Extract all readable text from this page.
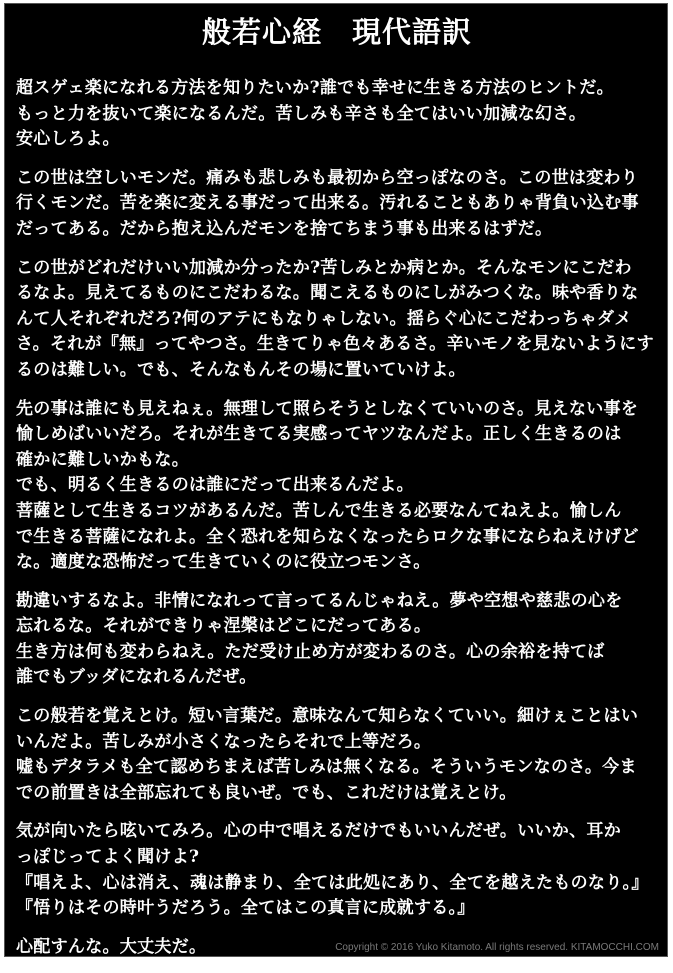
般若心経　現代語訳
超スゲェ楽になれる方法を知りたいか?誰でも幸せに生きる方法のヒントだ。
もっと力を抜いて楽になるんだ。苦しみも辛さも全てはいい加減な幻さ。
安心しろよ。
この世は空しいモンだ。痛みも悲しみも最初から空っぽなのさ。この世は変わり
行くモンだ。苦を楽に変える事だって出来る。汚れることもありゃ背負い込む事
だってある。だから抱え込んだモンを捨てちまう事も出来るはずだ。
この世がどれだけいい加減か分ったか?苦しみとか病とか。そんなモンにこだわ
るなよ。見えてるものにこだわるな。聞こえるものにしがみつくな。味や香りな
んて人それぞれだろ?何のアテにもなりゃしない。揺らぐ心にこだわっちゃダメ
さ。それが『無』ってやつさ。生きてりゃ色々あるさ。辛いモノを見ないようにす
るのは難しい。でも、そんなもんその場に置いていけよ。
先の事は誰にも見えねぇ。無理して照らそうとしなくていいのさ。見えない事を
愉しめばいいだろ。それが生きてる実感ってヤツなんだよ。正しく生きるのは
確かに難しいかもな。
でも、明るく生きるのは誰にだって出来るんだよ。
菩薩として生きるコツがあるんだ。苦しんで生きる必要なんてねえよ。愉しん
で生きる菩薩になれよ。全く恐れを知らなくなったらロクな事にならねえけげど
な。適度な恐怖だって生きていくのに役立つモンさ。
勘違いするなよ。非情になれって言ってるんじゃねえ。夢や空想や慈悲の心を
忘れるな。それができりゃ涅槃はどこにだってある。
生き方は何も変わらねえ。ただ受け止め方が変わるのさ。心の余裕を持てば
誰でもブッダになれるんだぜ。
この般若を覚えとけ。短い言葉だ。意味なんて知らなくていい。細けぇことはい
いんだよ。苦しみが小さくなったらそれで上等だろ。
嘘もデタラメも全て認めちまえば苦しみは無くなる。そういうモンなのさ。今ま
での前置きは全部忘れても良いぜ。でも、これだけは覚えとけ。
気が向いたら呟いてみろ。心の中で唱えるだけでもいいんだぜ。いいか、耳か
っぽじってよく聞けよ?
『唱えよ、心は消え、魂は静まり、全ては此処にあり、全てを越えたものなり。』
『悟りはその時叶うだろう。全てはこの真言に成就する。』
心配すんな。大丈夫だ。	Copyright © 2016 Yuko Kitamoto. All rights reserved. KITAMOCCHI.COM
